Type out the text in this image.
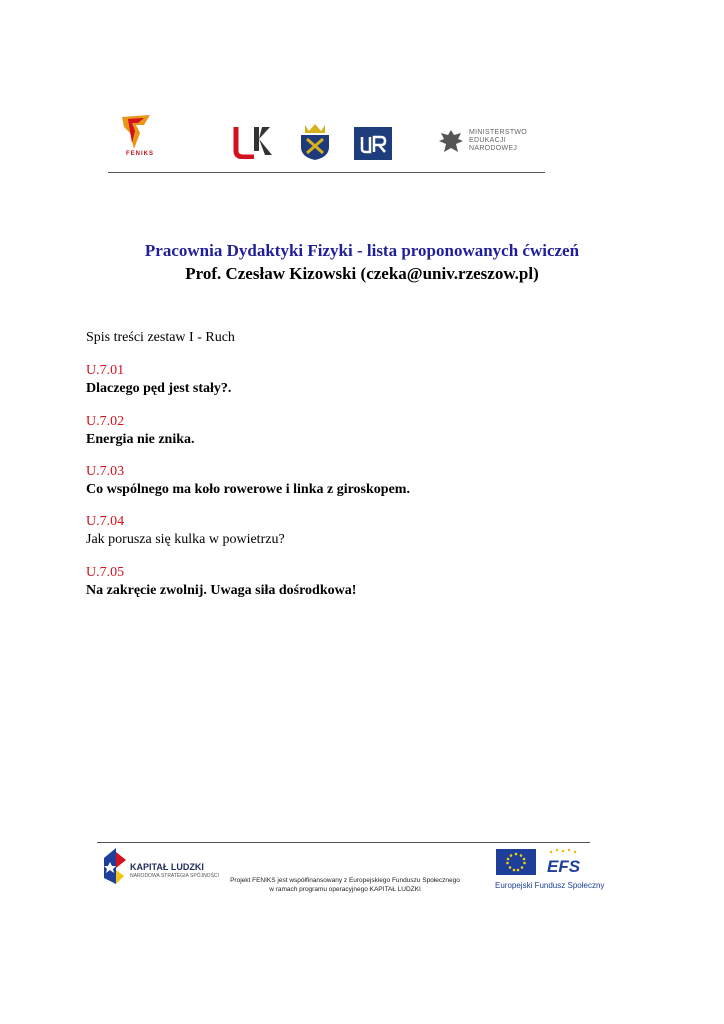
FENIKS
MINISTERSTWO
EDUKACJI
NARODOWEJ
Pracownia Dydaktyki Fizyki - lista proponowanych ćwiczeń
Prof. Czesław Kizowski (czeka@univ.rzeszow.pl)
Spis treści zestaw I - Ruch
U.7.01
Dlaczego pęd jest stały?.
U.7.02
Energia nie znika.
U.7.03
Co wspólnego ma koło rowerowe i linka z giroskopem.
U.7.04
Jak porusza się kulka w powietrzu?
U.7.05
Na zakręcie zwolnij. Uwaga siła dośrodkowa!
KAPITAŁ LUDZKI
NARODOWA STRATEGIA SPÓJNOŚCI
Projekt FENIKS jest współfinansowany z Europejskiego Funduszu Społecznego
w ramach programu operacyjnego KAPITAŁ LUDZKI
EFS
Europejski Fundusz Społeczny
